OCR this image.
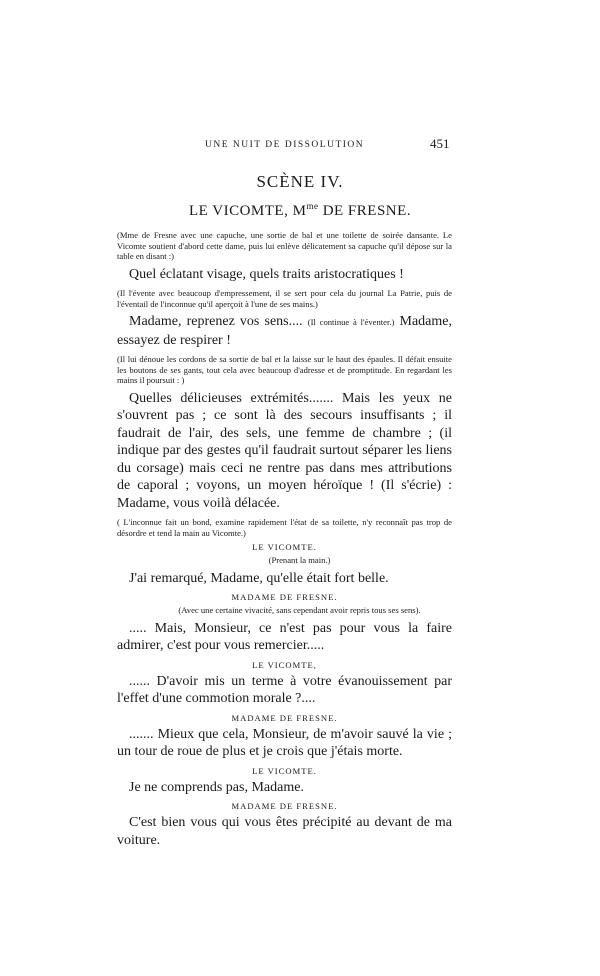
UNE NUIT DE DISSOLUTION	451
SCÈNE IV.
LE VICOMTE, $M^{me}$ DE FRESNE.
(Mme de Fresne avec une capuche, une sortie de bal et une toilette de soirée dansante. Le Vicomte soutient d'abord cette dame, puis lui enlève délicatement sa capuche qu'il dépose sur la table en disant :)
Quel éclatant visage, quels traits aristocratiques !
(Il l'évente avec beaucoup d'empressement, il se sert pour cela du journal La Patrie, puis de l'éventail de l'inconnue qu'il aperçoit à l'une de ses mains.)
Madame, reprenez vos sens.... (Il continue à l'éventer.) Madame, essayez de respirer !
(Il lui dénoue les cordons de sa sortie de bal et la laisse sur le haut des épaules. Il défait ensuite les boutons de ses gants, tout cela avec beaucoup d'adresse et de promptitude. En regardant les mains il poursuit : )
Quelles délicieuses extrémités....... Mais les yeux ne s'ouvrent pas ; ce sont là des secours insuffisants ; il faudrait de l'air, des sels, une femme de chambre ; (il indique par des gestes qu'il faudrait surtout séparer les liens du corsage) mais ceci ne rentre pas dans mes attributions de caporal ; voyons, un moyen héroïque ! (Il s'écrie) : Madame, vous voilà délacée.
( L'inconnue fait un bond, examine rapidement l'état de sa toilette, n'y reconnaît pas trop de désordre et tend la main au Vicomte.)
LE VICOMTE.
(Prenant la main.)
J'ai remarqué, Madame, qu'elle était fort belle.
MADAME DE FRESNE.
(Avec une certaine vivacité, sans cependant avoir repris tous ses sens).
..... Mais, Monsieur, ce n'est pas pour vous la faire admirer, c'est pour vous remercier.....
LE VICOMTE,
...... D'avoir mis un terme à votre évanouissement par l'effet d'une commotion morale ?....
MADAME DE FRESNE.
....... Mieux que cela, Monsieur, de m'avoir sauvé la vie ; un tour de roue de plus et je crois que j'étais morte.
LE VICOMTE.
Je ne comprends pas, Madame.
MADAME DE FRESNE.
C'est bien vous qui vous êtes précipité au devant de ma voiture.
